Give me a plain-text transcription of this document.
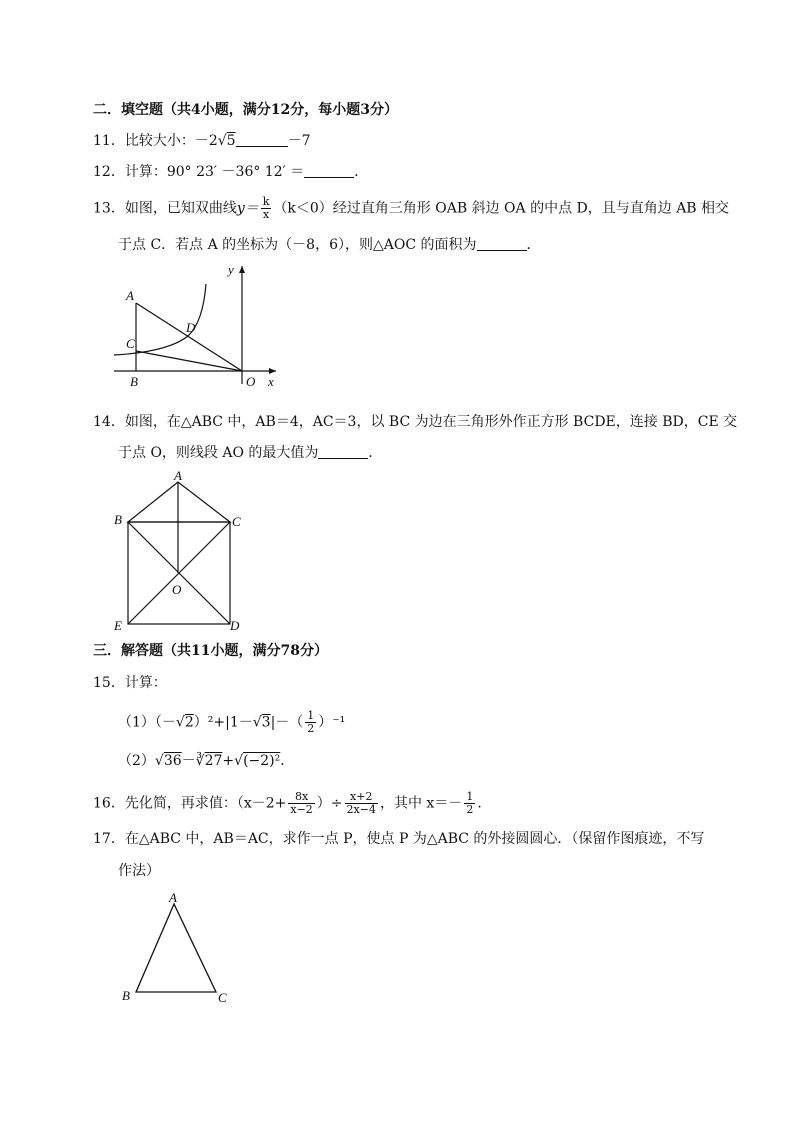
二．填空题（共4小题，满分12分，每小题3分）
11．比较大小：－2√5	－7
12．计算：90° 23′ －36° 12′ ＝	．
13．如图，已知双曲线$y= \frac{k}{x} (k<0)$经过直角三角形 OAB 斜边 OA 的中点 D，且与直角边 AB 相交
于点 C．若点 A 的坐标为（－8，6），则△AOC 的面积为	．
A
B
C
D
O x
y
14．如图，在△ABC 中，AB＝4，AC＝3，以 BC 为边在三角形外作正方形 BCDE，连接 BD，CE 交
于点 O，则线段 AO 的最大值为	．
A
B	C
D
E
O
三．解答题（共11小题，满分78分）
15．计算：
$(1)(-√2)^2+|1-√3|-( \frac{1}{2} )^{-1}$
（2）√36－∛27+√(−2)²．
16．先化简，再求值：（$x-2+ \frac{8x}{x-2}$ ）÷ $\frac{x+2}{2x-4}$ ，其中 $x=- \frac{1}{2}$ ．
17．在△ABC 中，AB＝AC，求作一点 P，使点 P 为△ABC 的外接圆圆心．（保留作图痕迹，不写
作法）
A
B	C
